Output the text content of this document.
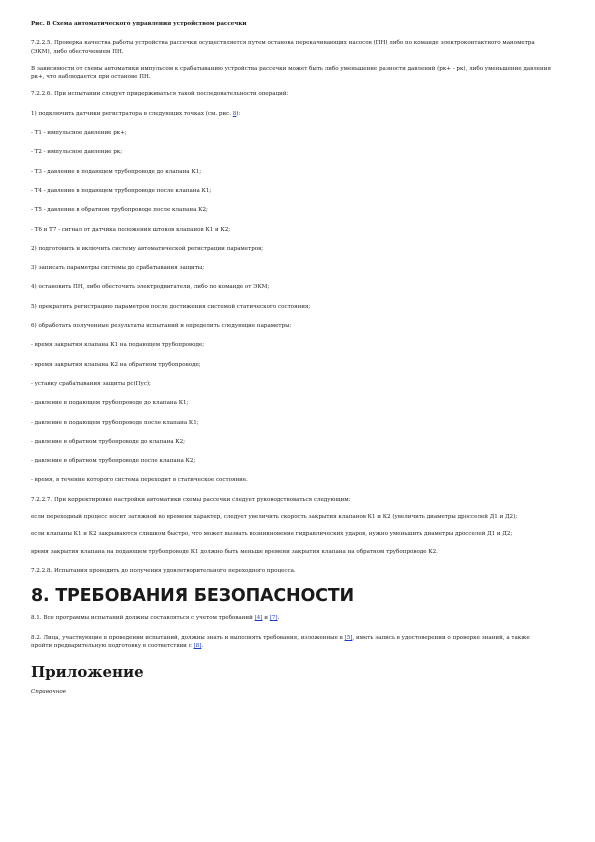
Рис. 8 Схема автоматического управления устройством рассечки

7.2.2.5. Проверка качества работы устройства рассечки осуществляется путем останова перекачивающих насосов (ПН) либо по команде электроконтактного манометра (ЭКМ), либо обесточением ПН.

В зависимости от схемы автоматики импульсом к срабатыванию устройства рассечки может быть либо уменьшение разности давлений (pк+ - pк), либо уменьшение давления pк+, что наблюдается при останове ПН.

7.2.2.6. При испытании следует придерживаться такой последовательности операций:

1) подключить датчики регистратора в следующих точках (см. рис. 8):

- Т1 - импульсное давление pк+;

- Т2 - импульсное давление pк;

- Т3 - давление в подающем трубопроводе до клапана К1;

- Т4 - давление в подающем трубопроводе после клапана К1;

- Т5 - давление в обратном трубопроводе после клапана К2;

- Т6 и Т7 - сигнал от датчика положения штоков клапанов К1 и К2;

2) подготовить и включить систему автоматической регистрации параметров;

3) записать параметры системы до срабатывания защиты;

4) остановить ПН, либо обесточить электродвигатели, либо по команде от ЭКМ;

5) прекратить регистрацию параметров после достижения системой статического состояния;

6) обработать полученные результаты испытаний и определить следующие параметры:

- время закрытия клапана К1 на подающем трубопроводе;

- время закрытия клапана К2 на обратном трубопроводе;

- уставку срабатывания защиты pс(Пус);

- давление в подающем трубопроводе до клапана К1;

- давление в подающем трубопроводе после клапана К1;

- давление в обратном трубопроводе до клапана К2;

- давление в обратном трубопроводе после клапана К2;

- время, в течение которого система переходит в статическое состояние.

7.2.2.7. При корректировке настройки автоматики схемы рассечки следует руководствоваться следующим:

если переходный процесс носит затяжной во времени характер, следует увеличить скорость закрытия клапанов К1 и К2 (увеличить диаметры дросселей Д1 и Д2);

если клапаны К1 и К2 закрываются слишком быстро, что может вызвать возникновение гидравлических ударов, нужно уменьшить диаметры дросселей Д1 и Д2;

время закрытия клапана на подающем трубопроводе К1 должно быть меньше времени закрытия клапана на обратном трубопроводе К2.

7.2.2.8. Испытания проводить до получения удовлетворительного переходного процесса.

8. ТРЕБОВАНИЯ БЕЗОПАСНОСТИ

8.1. Все программы испытаний должны составляться с учетом требований [4] и [7].

8.2. Лица, участвующие в проведении испытаний, должны знать и выполнять требования, изложенные в [5], иметь запись в удостоверении о проверке знаний, а также пройти предварительную подготовку в соответствии с [8].

Приложение

Справочное
